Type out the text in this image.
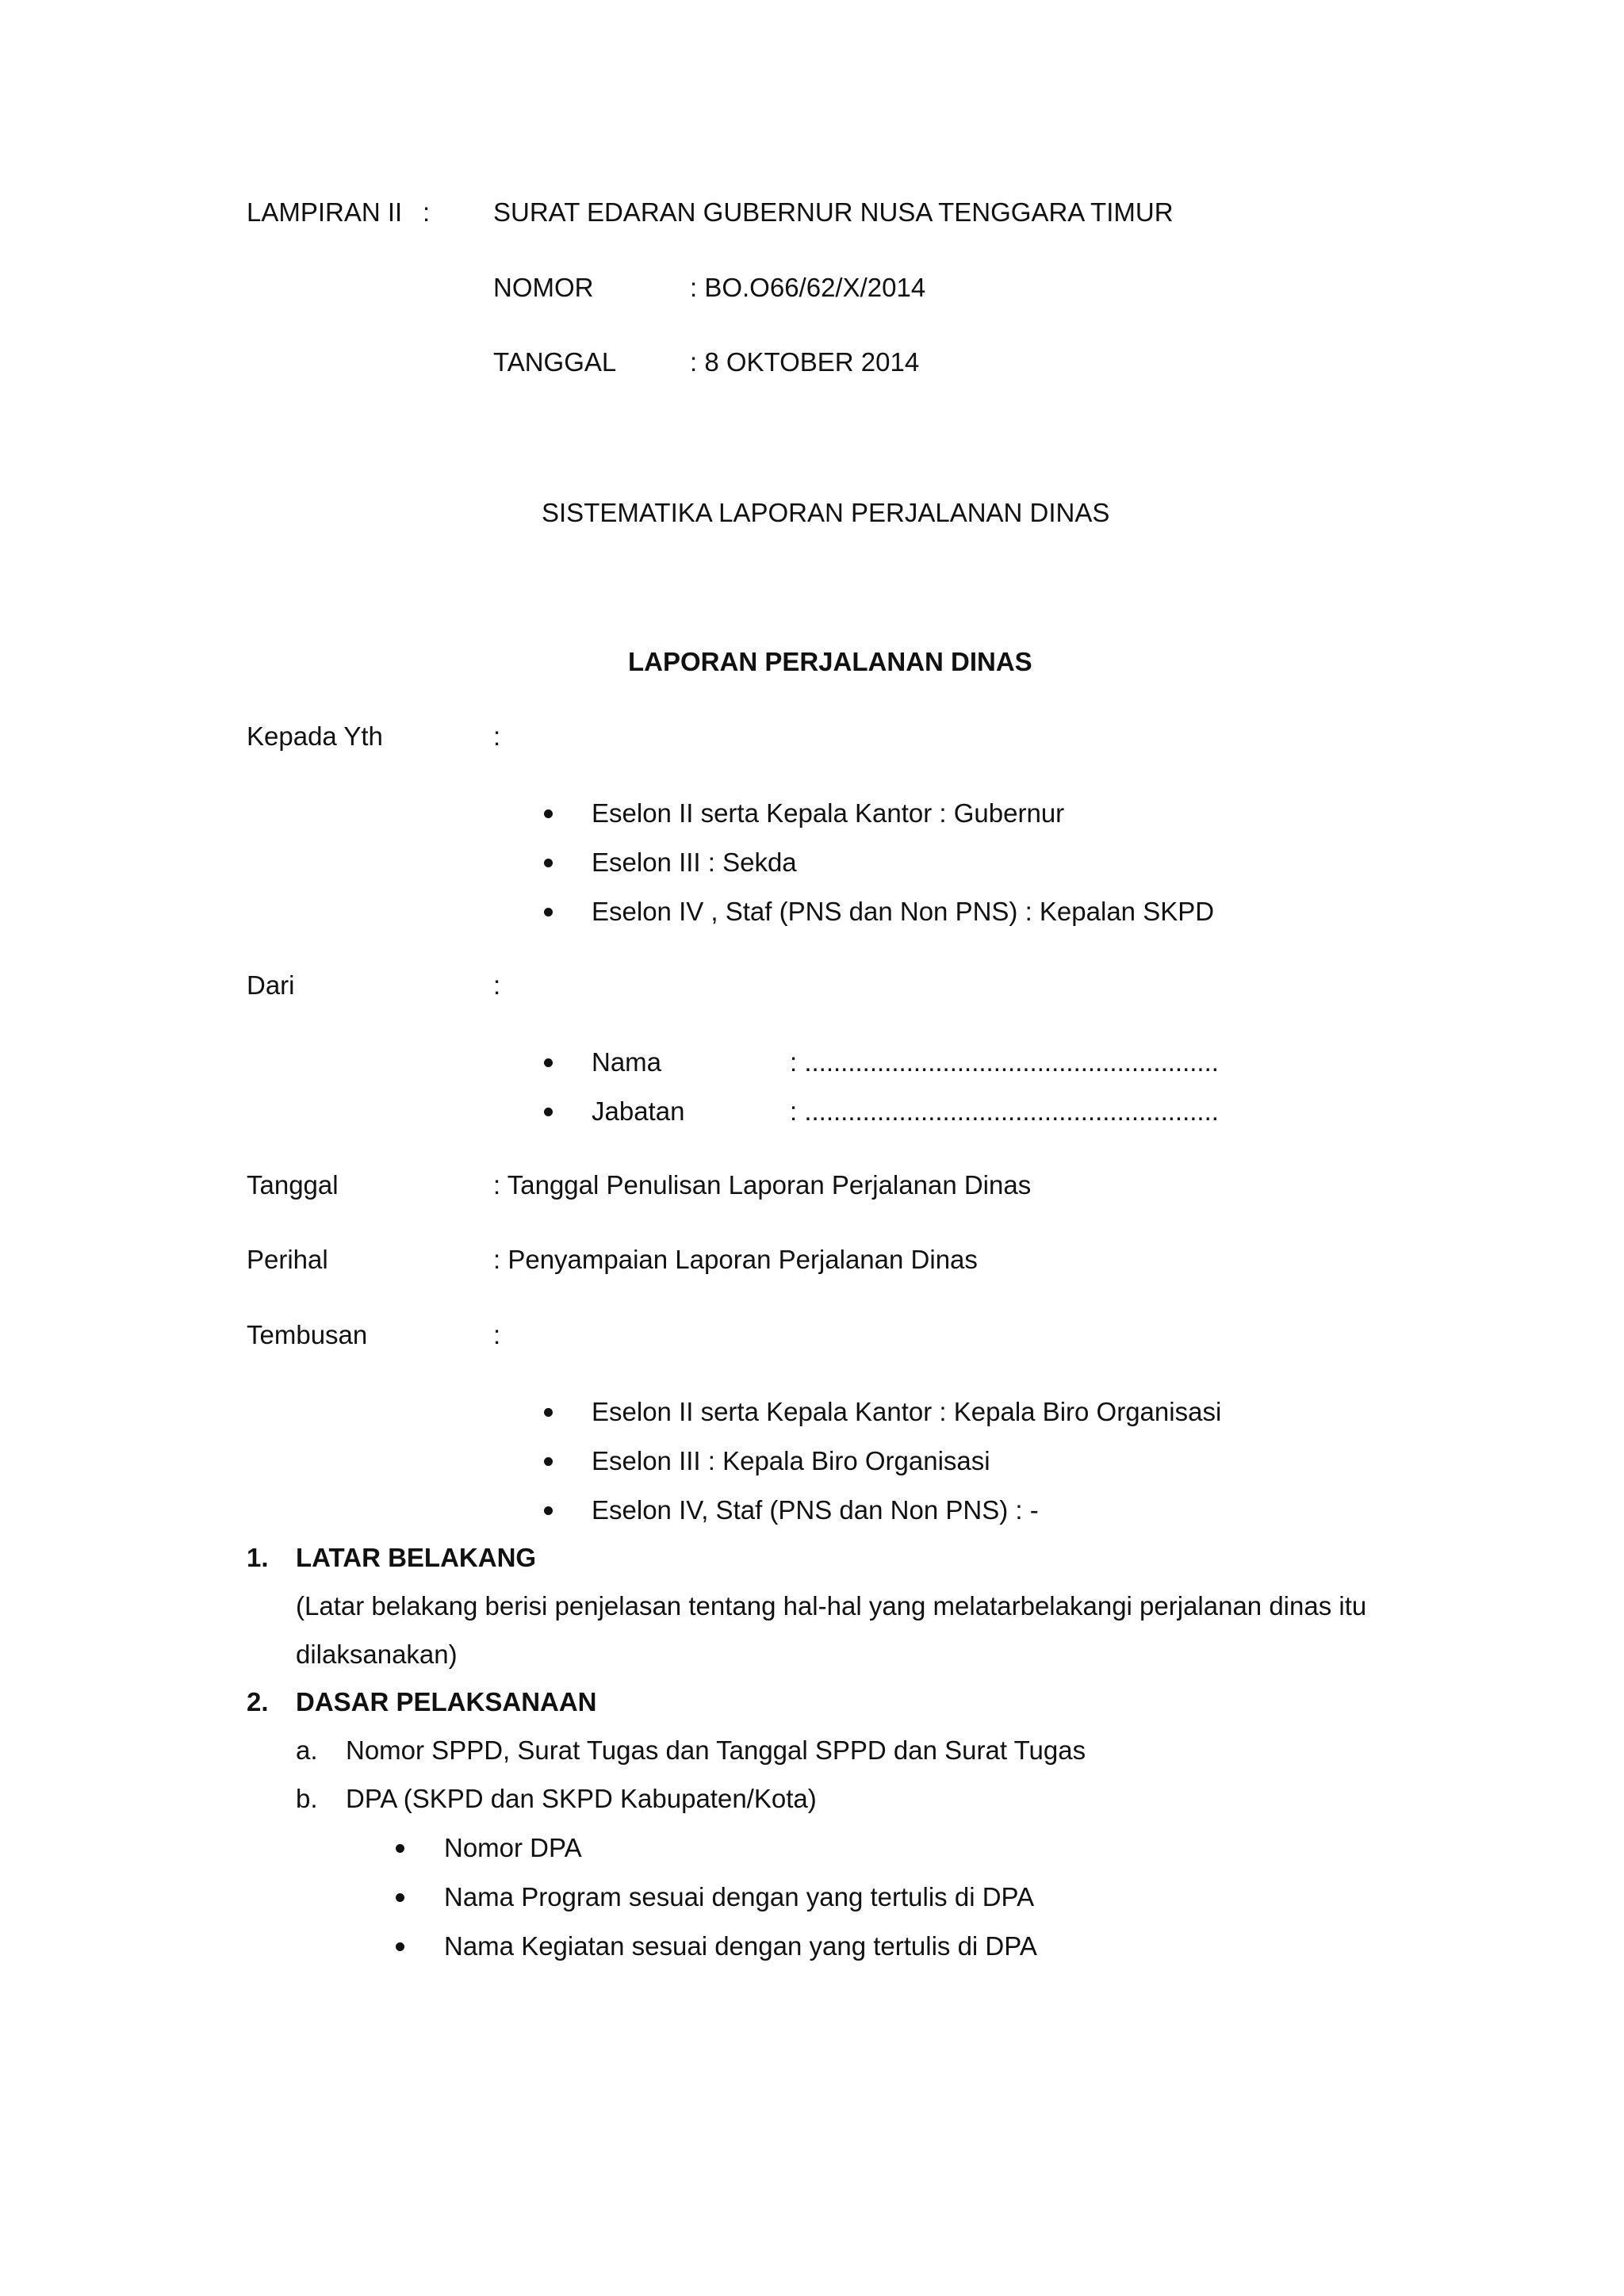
LAMPIRAN II : SURAT EDARAN GUBERNUR NUSA TENGGARA TIMUR
NOMOR	: BO.O66/62/X/2014
TANGGAL	: 8 OKTOBER 2014
SISTEMATIKA LAPORAN PERJALANAN DINAS
LAPORAN PERJALANAN DINAS
Kepada Yth	:
Eselon II serta Kepala Kantor : Gubernur
Eselon III : Sekda
Eselon IV , Staf (PNS dan Non PNS) : Kepalan SKPD
Dari	:
Nama	: .........................................................
Jabatan	: .........................................................
Tanggal	: Tanggal Penulisan Laporan Perjalanan Dinas
Perihal	: Penyampaian Laporan Perjalanan Dinas
Tembusan	:
Eselon II serta Kepala Kantor : Kepala Biro Organisasi
Eselon III : Kepala Biro Organisasi
Eselon IV, Staf (PNS dan Non PNS) : -
1. LATAR BELAKANG
(Latar belakang berisi penjelasan tentang hal-hal yang melatarbelakangi perjalanan dinas itu
dilaksanakan)
2. DASAR PELAKSANAAN
a. Nomor SPPD, Surat Tugas dan Tanggal SPPD dan Surat Tugas
b. DPA (SKPD dan SKPD Kabupaten/Kota)
Nomor DPA
Nama Program sesuai dengan yang tertulis di DPA
Nama Kegiatan sesuai dengan yang tertulis di DPA
